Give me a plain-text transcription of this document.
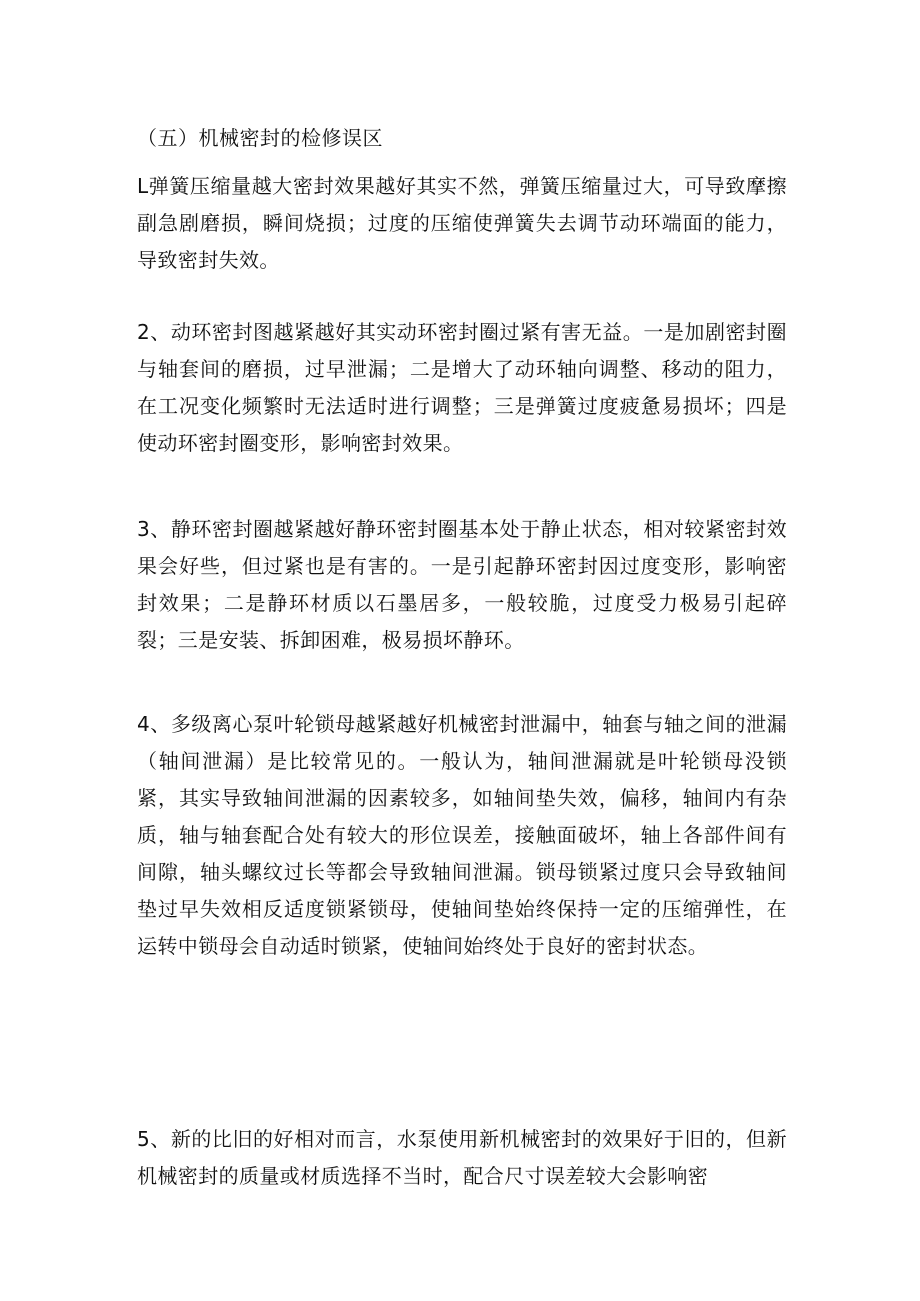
（五）机械密封的检修误区

L弹簧压缩量越大密封效果越好其实不然，弹簧压缩量过大，可导致摩擦副急剧磨损，瞬间烧损；过度的压缩使弹簧失去调节动环端面的能力，导致密封失效。

2、动环密封图越紧越好其实动环密封圈过紧有害无益。一是加剧密封圈与轴套间的磨损，过早泄漏；二是增大了动环轴向调整、移动的阻力，在工况变化频繁时无法适时进行调整；三是弹簧过度疲惫易损坏；四是使动环密封圈变形，影响密封效果。

3、静环密封圈越紧越好静环密封圈基本处于静止状态，相对较紧密封效果会好些，但过紧也是有害的。一是引起静环密封因过度变形，影响密封效果；二是静环材质以石墨居多，一般较脆，过度受力极易引起碎裂；三是安装、拆卸困难，极易损坏静环。

4、多级离心泵叶轮锁母越紧越好机械密封泄漏中，轴套与轴之间的泄漏（轴间泄漏）是比较常见的。一般认为，轴间泄漏就是叶轮锁母没锁紧，其实导致轴间泄漏的因素较多，如轴间垫失效，偏移，轴间内有杂质，轴与轴套配合处有较大的形位误差，接触面破坏，轴上各部件间有间隙，轴头螺纹过长等都会导致轴间泄漏。锁母锁紧过度只会导致轴间垫过早失效相反适度锁紧锁母，使轴间垫始终保持一定的压缩弹性，在运转中锁母会自动适时锁紧，使轴间始终处于良好的密封状态。

5、新的比旧的好相对而言，水泵使用新机械密封的效果好于旧的，但新机械密封的质量或材质选择不当时，配合尺寸误差较大会影响密
